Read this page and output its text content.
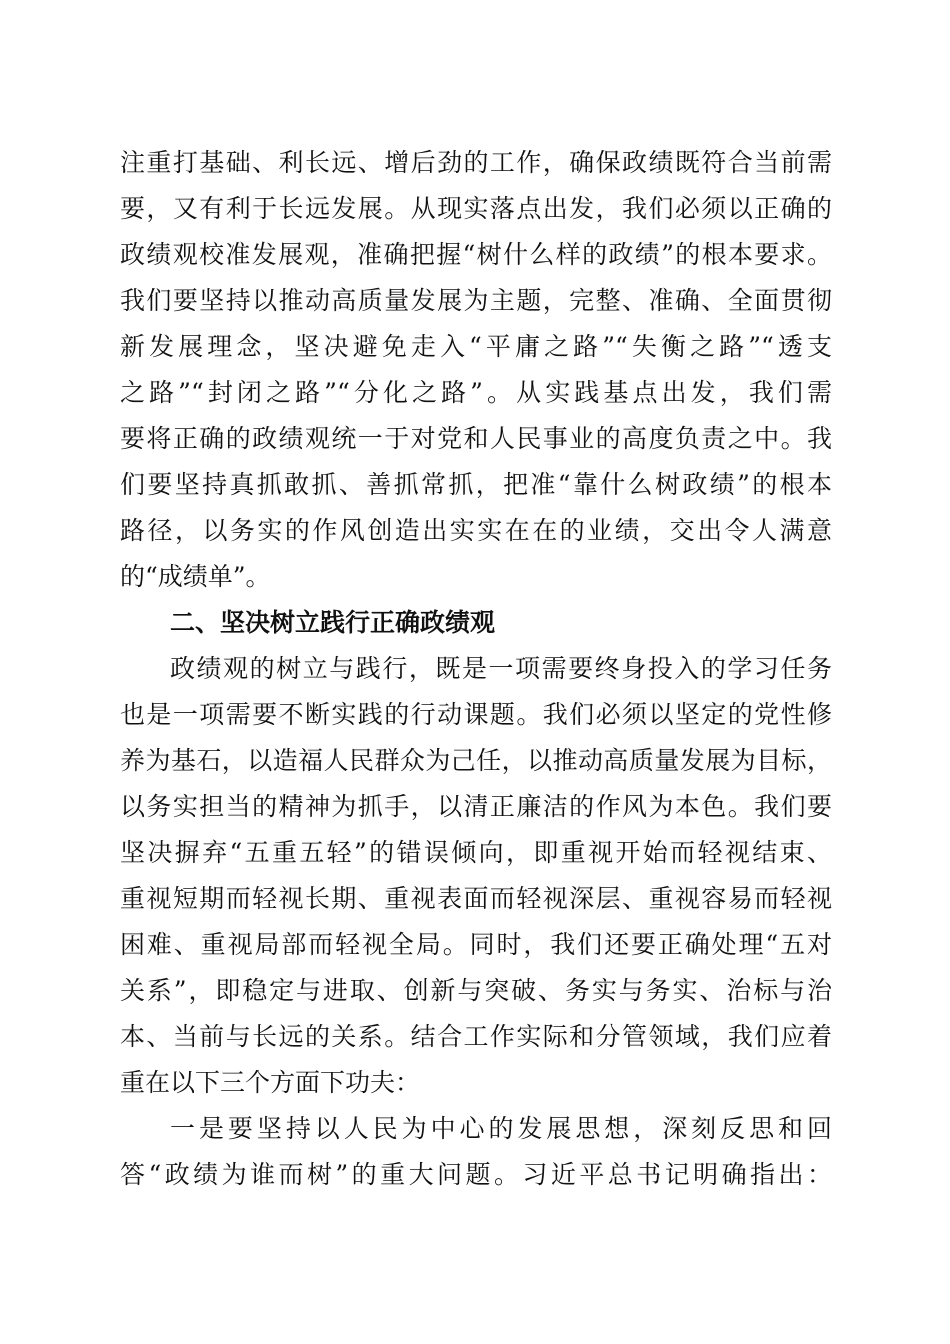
注重打基础、利长远、增后劲的工作，确保政绩既符合当前需
要，又有利于长远发展。从现实落点出发，我们必须以正确的
政绩观校准发展观，准确把握“树什么样的政绩”的根本要求。
我们要坚持以推动高质量发展为主题，完整、准确、全面贯彻
新发展理念，坚决避免走入“平庸之路”“失衡之路”“透支
之路”“封闭之路”“分化之路”。从实践基点出发，我们需
要将正确的政绩观统一于对党和人民事业的高度负责之中。我
们要坚持真抓敢抓、善抓常抓，把准“靠什么树政绩”的根本
路径，以务实的作风创造出实实在在的业绩，交出令人满意
的“成绩单”。
二、坚决树立践行正确政绩观
政绩观的树立与践行，既是一项需要终身投入的学习任务
也是一项需要不断实践的行动课题。我们必须以坚定的党性修
养为基石，以造福人民群众为己任，以推动高质量发展为目标，
以务实担当的精神为抓手，以清正廉洁的作风为本色。我们要
坚决摒弃“五重五轻”的错误倾向，即重视开始而轻视结束、
重视短期而轻视长期、重视表面而轻视深层、重视容易而轻视
困难、重视局部而轻视全局。同时，我们还要正确处理“五对
关系”，即稳定与进取、创新与突破、务实与务实、治标与治
本、当前与长远的关系。结合工作实际和分管领域，我们应着
重在以下三个方面下功夫：
一是要坚持以人民为中心的发展思想，深刻反思和回
答“政绩为谁而树”的重大问题。习近平总书记明确指出：
